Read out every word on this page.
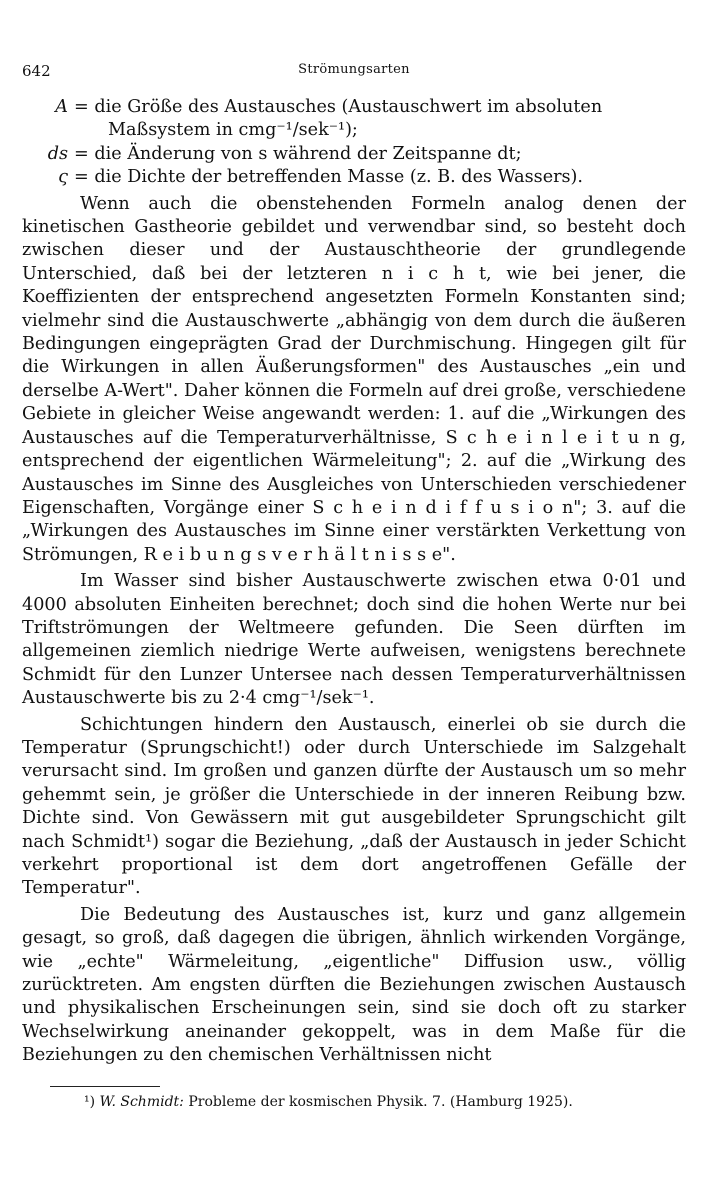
642	Strömungsarten
A = die Größe des Austausches (Austauschwert im absoluten
Maßsystem in cmg⁻¹/sek⁻¹);
ds = die Änderung von s während der Zeitspanne dt;
ς = die Dichte der betreffenden Masse (z. B. des Wassers).

Wenn auch die obenstehenden Formeln analog denen der kinetischen Gastheorie gebildet und verwendbar sind, so besteht doch zwischen dieser und der Austauschtheorie der grundlegende Unterschied, daß bei der letzteren n i c h t, wie bei jener, die Koeffizienten der entsprechend angesetzten Formeln Konstanten sind; vielmehr sind die Austauschwerte „abhängig von dem durch die äußeren Bedingungen eingeprägten Grad der Durchmischung. Hingegen gilt für die Wirkungen in allen Äußerungsformen" des Austausches „ein und derselbe A-Wert". Daher können die Formeln auf drei große, verschiedene Gebiete in gleicher Weise angewandt werden: 1. auf die „Wirkungen des Austausches auf die Temperaturverhältnisse, S c h e i n l e i t u n g, entsprechend der eigentlichen Wärmeleitung"; 2. auf die „Wirkung des Austausches im Sinne des Ausgleiches von Unterschieden verschiedener Eigenschaften, Vorgänge einer S c h e i n d i f f u s i o n"; 3. auf die „Wirkungen des Austausches im Sinne einer verstärkten Verkettung von Strömungen, R e i b u n g s v e r h ä l t n i s s e".

Im Wasser sind bisher Austauschwerte zwischen etwa 0·01 und 4000 absoluten Einheiten berechnet; doch sind die hohen Werte nur bei Triftströmungen der Weltmeere gefunden. Die Seen dürften im allgemeinen ziemlich niedrige Werte aufweisen, wenigstens berechnete Schmidt für den Lunzer Untersee nach dessen Temperaturverhältnissen Austauschwerte bis zu 2·4 cmg⁻¹/sek⁻¹.

Schichtungen hindern den Austausch, einerlei ob sie durch die Temperatur (Sprungschicht!) oder durch Unterschiede im Salzgehalt verursacht sind. Im großen und ganzen dürfte der Austausch um so mehr gehemmt sein, je größer die Unterschiede in der inneren Reibung bzw. Dichte sind. Von Gewässern mit gut ausgebildeter Sprungschicht gilt nach Schmidt¹) sogar die Beziehung, „daß der Austausch in jeder Schicht verkehrt proportional ist dem dort angetroffenen Gefälle der Temperatur".

Die Bedeutung des Austausches ist, kurz und ganz allgemein gesagt, so groß, daß dagegen die übrigen, ähnlich wirkenden Vorgänge, wie „echte" Wärmeleitung, „eigentliche" Diffusion usw., völlig zurücktreten. Am engsten dürften die Beziehungen zwischen Austausch und physikalischen Erscheinungen sein, sind sie doch oft zu starker Wechselwirkung aneinander gekoppelt, was in dem Maße für die Beziehungen zu den chemischen Verhältnissen nicht

¹) W. Schmidt: Probleme der kosmischen Physik. 7. (Hamburg 1925).
